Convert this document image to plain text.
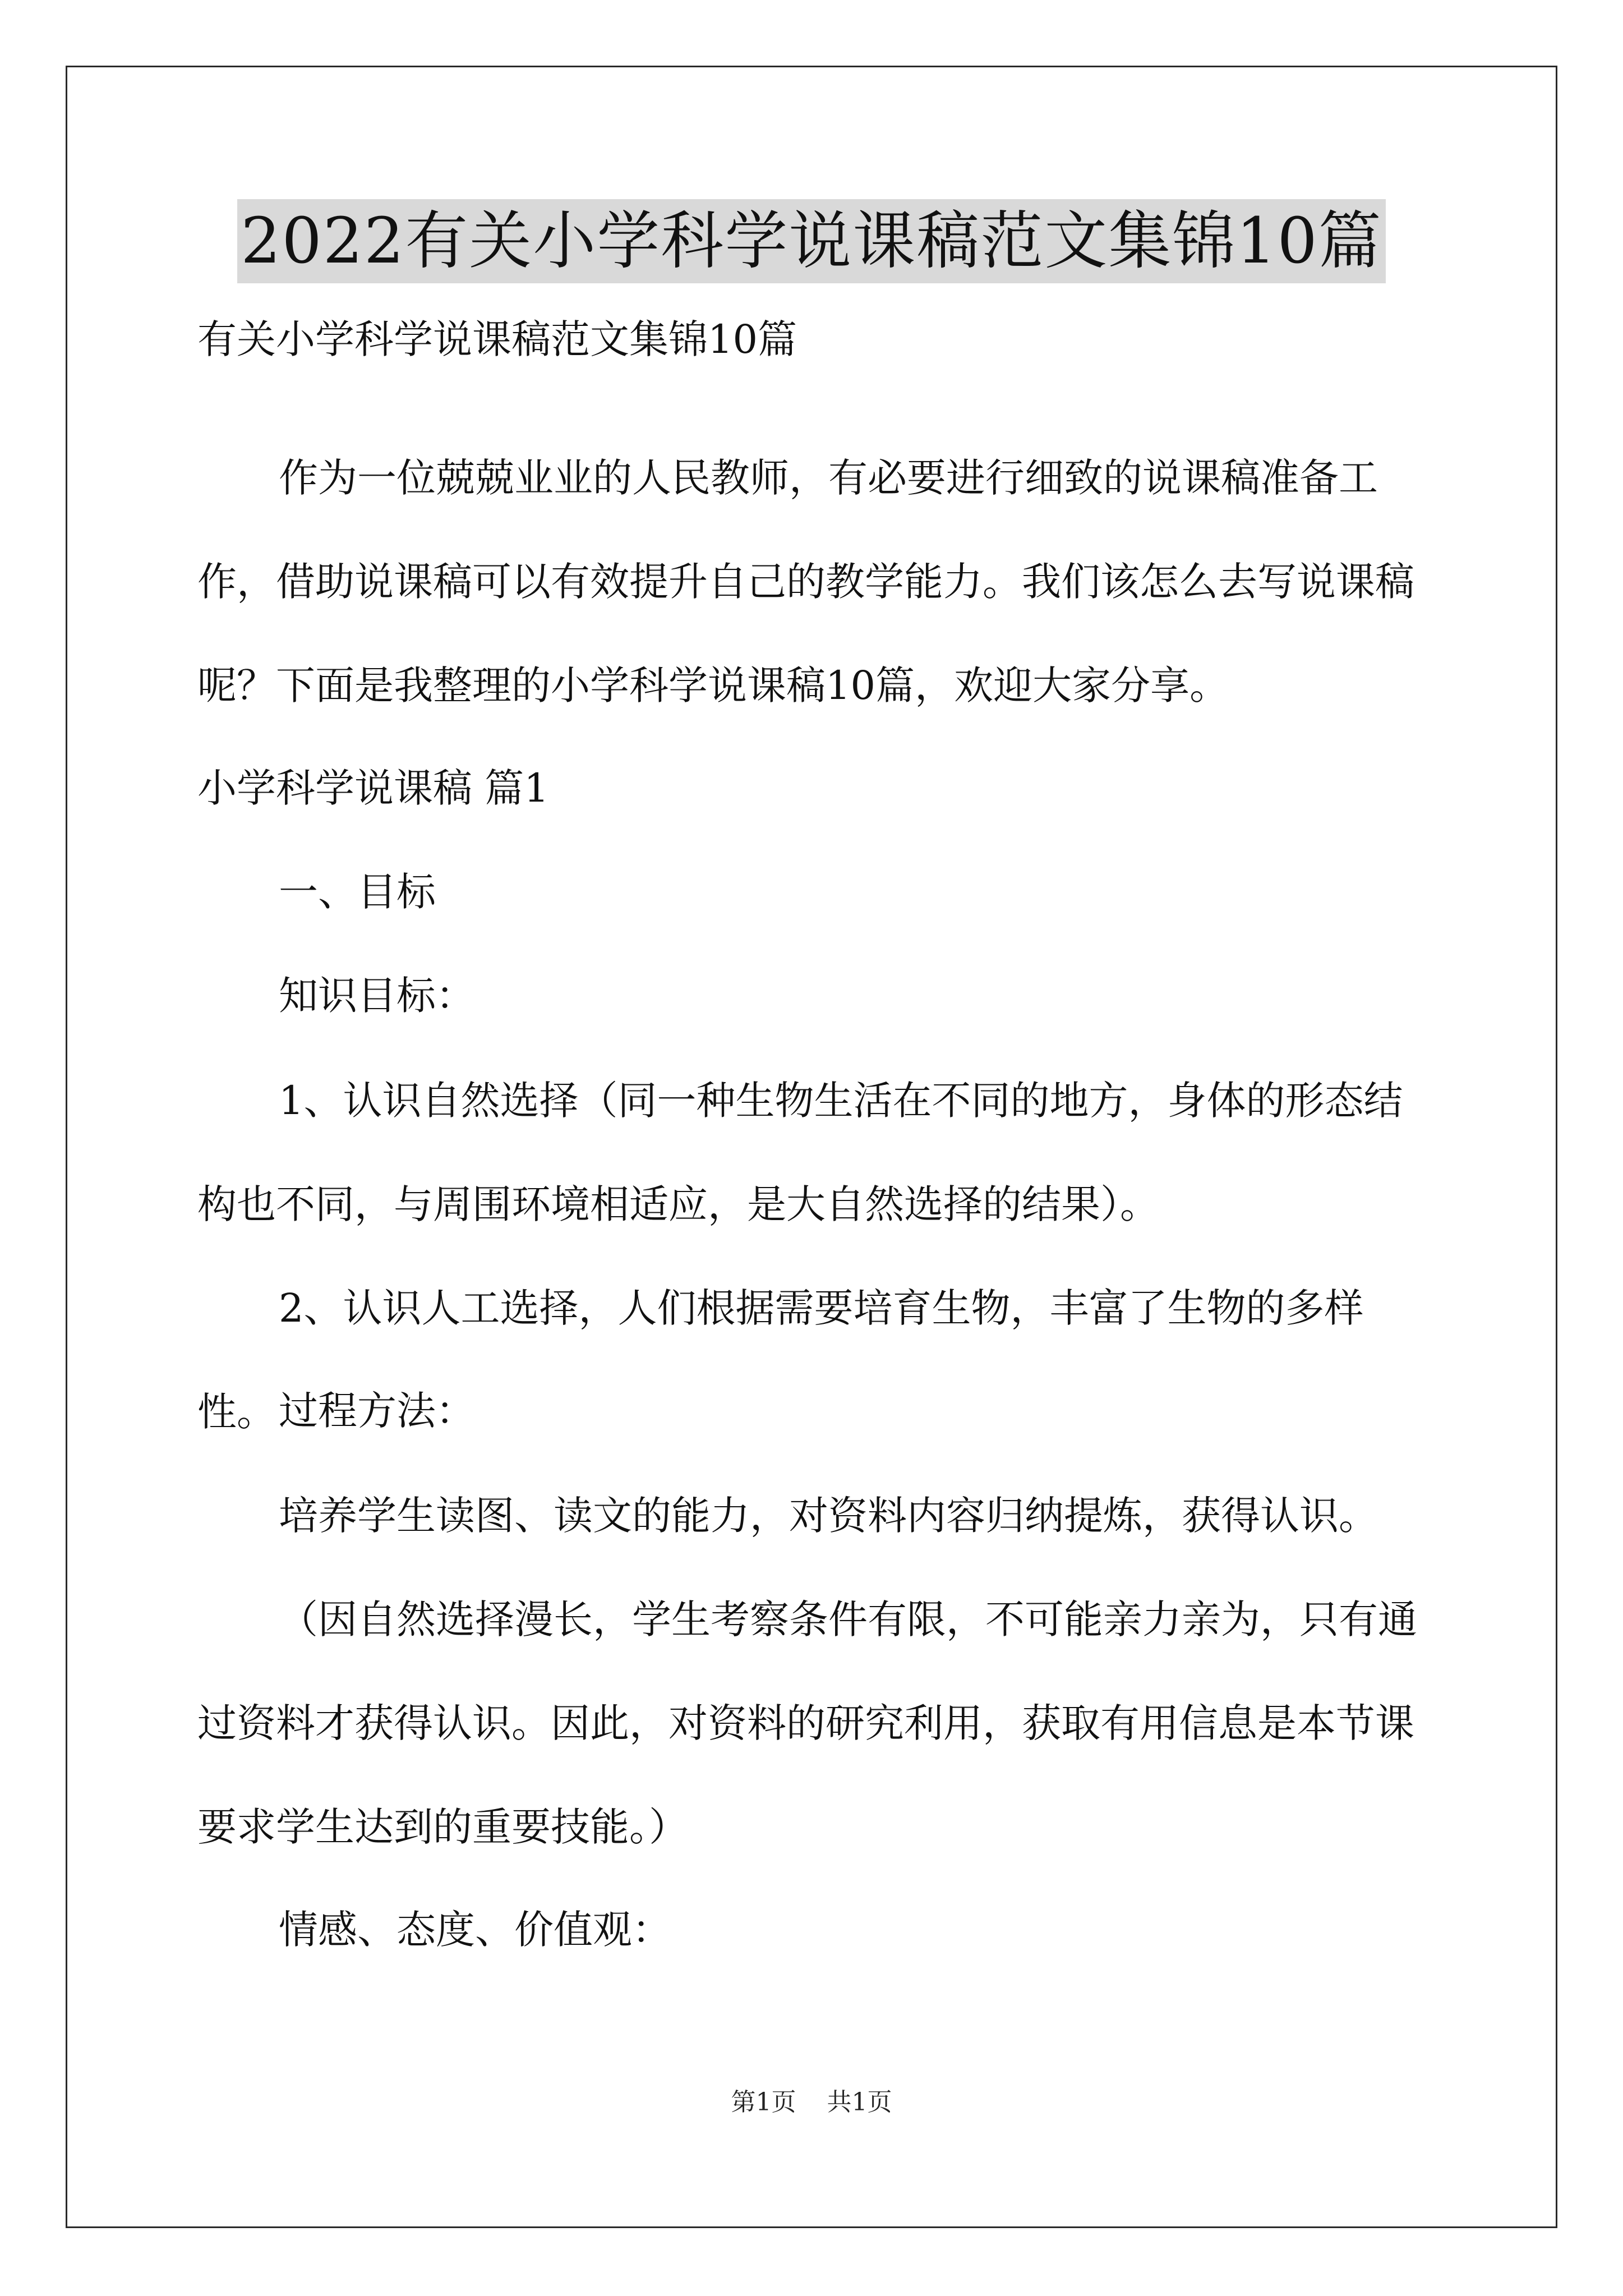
2022有关小学科学说课稿范文集锦10篇
有关小学科学说课稿范文集锦10篇
作为一位兢兢业业的人民教师，有必要进行细致的说课稿准备工作，借助说课稿可以有效提升自己的教学能力。我们该怎么去写说课稿呢？下面是我整理的小学科学说课稿10篇，欢迎大家分享。
小学科学说课稿 篇1
一、目标
知识目标：
1、认识自然选择（同一种生物生活在不同的地方，身体的形态结构也不同，与周围环境相适应，是大自然选择的结果）。
2、认识人工选择，人们根据需要培育生物，丰富了生物的多样性。 过程方法：
培养学生读图、读文的能力，对资料内容归纳提炼，获得认识。
（因自然选择漫长，学生考察条件有限，不可能亲力亲为，只有通过资料才获得认识。因此，对资料的研究利用，获取有用信息是本节课要求学生达到的重要技能。）
情感、态度、价值观：
第1页 共1页
